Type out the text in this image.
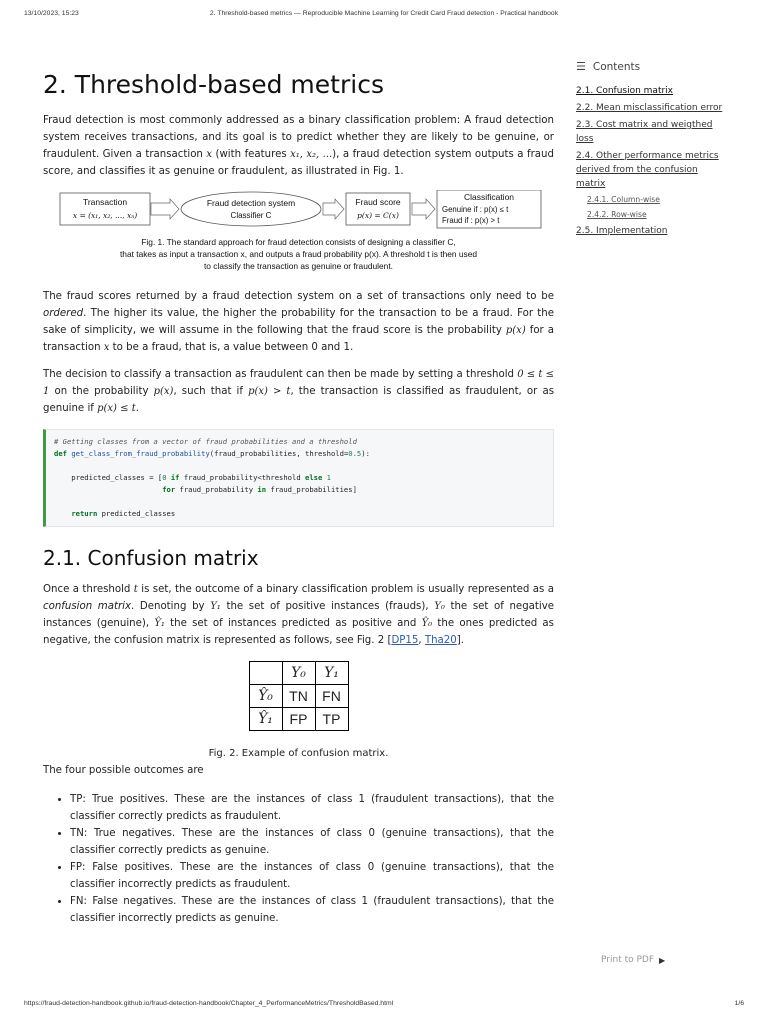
13/10/2023, 15:23	2. Threshold-based metrics — Reproducible Machine Learning for Credit Card Fraud detection - Practical handbook
2. Threshold-based metrics

Fraud detection is most commonly addressed as a binary classification problem: A fraud detection system receives transactions, and its goal is to predict whether they are likely to be genuine, or fraudulent. Given a transaction x (with features x₁, x₂, ...), a fraud detection system outputs a fraud score, and classifies it as genuine or fraudulent, as illustrated in Fig. 1.

Transaction
x = (x₁, x₂, ..., xₙ)
Fraud detection system
Classifier C
Fraud score
p(x) = C(x)
Classification
Genuine if : p(x) ≤ t
Fraud if : p(x) > t
Fig. 1. The standard approach for fraud detection consists of designing a classifier C,
that takes as input a transaction x, and outputs a fraud probability p(x). A threshold t is then used
to classify the transaction as genuine or fraudulent.

The fraud scores returned by a fraud detection system on a set of transactions only need to be ordered. The higher its value, the higher the probability for the transaction to be a fraud. For the sake of simplicity, we will assume in the following that the fraud score is the probability p(x) for a transaction x to be a fraud, that is, a value between 0 and 1.

The decision to classify a transaction as fraudulent can then be made by setting a threshold 0 ≤ t ≤ 1 on the probability p(x), such that if p(x) > t, the transaction is classified as fraudulent, or as genuine if p(x) ≤ t.

# Getting classes from a vector of fraud probabilities and a threshold
def get_class_from_fraud_probability(fraud_probabilities, threshold=0.5):
predicted_classes = [0 if fraud_probability<threshold else 1
for fraud_probability in fraud_probabilities]
return predicted_classes
2.1. Confusion matrix

Once a threshold t is set, the outcome of a binary classification problem is usually represented as a confusion matrix. Denoting by Y₁ the set of positive instances (frauds), Y₀ the set of negative instances (genuine), Ŷ₁ the set of instances predicted as positive and Ŷ₀ the ones predicted as negative, the confusion matrix is represented as follows, see Fig. 2 [DP15, Tha20].

	Y₀	Y₁
Ŷ₀	TN	FN
Ŷ₁	FP	TP
Fig. 2. Example of confusion matrix.
The four possible outcomes are
• TP: True positives. These are the instances of class 1 (fraudulent transactions), that the classifier correctly predicts as fraudulent.
• TN: True negatives. These are the instances of class 0 (genuine transactions), that the classifier correctly predicts as genuine.
• FP: False positives. These are the instances of class 0 (genuine transactions), that the classifier incorrectly predicts as fraudulent.
• FN: False negatives. These are the instances of class 1 (fraudulent transactions), that the classifier incorrectly predicts as genuine.
☰ Contents
2.1. Confusion matrix
2.2. Mean misclassification error
2.3. Cost matrix and weigthed loss
2.4. Other performance metrics derived from the confusion matrix
2.4.1. Column-wise
2.4.2. Row-wise
2.5. Implementation
Print to PDF ▶
https://fraud-detection-handbook.github.io/fraud-detection-handbook/Chapter_4_PerformanceMetrics/ThresholdBased.html	1/6
